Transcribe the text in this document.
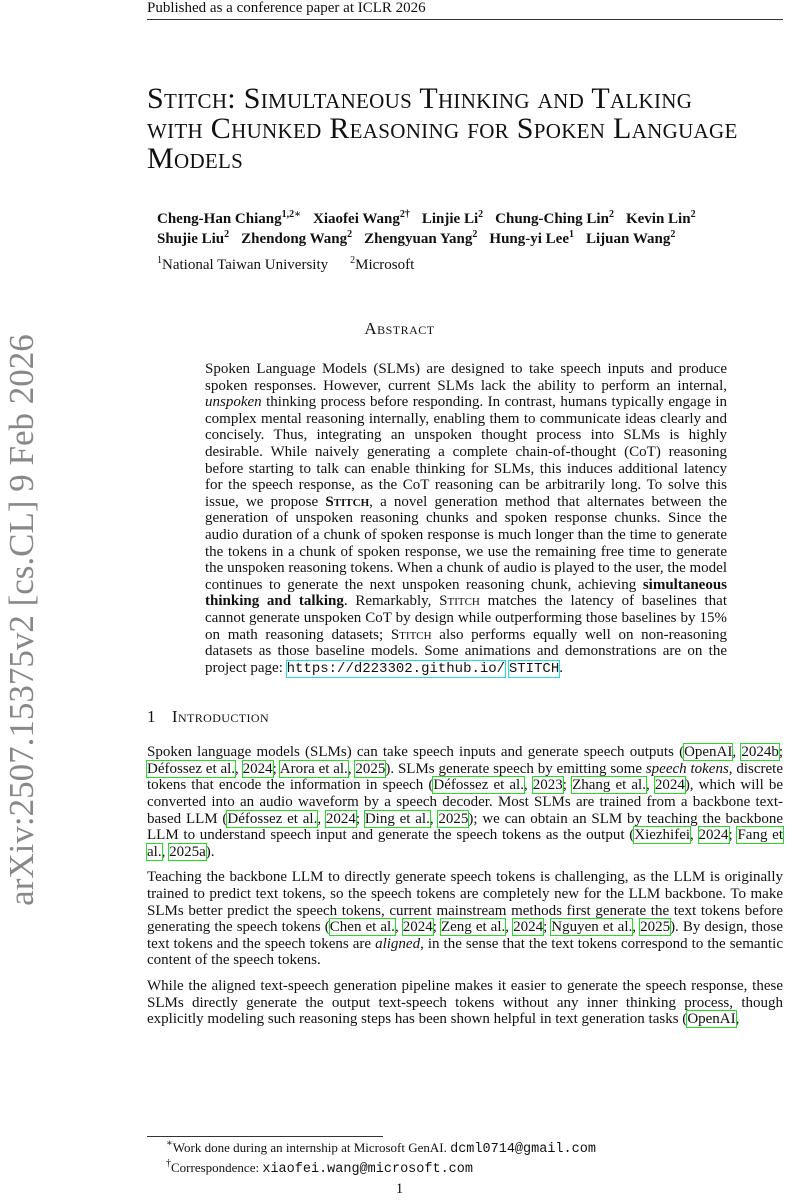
Published as a conference paper at ICLR 2026
arXiv:2507.15375v2 [cs.CL] 9 Feb 2026
Stitch: Simultaneous Thinking and Talking
with Chunked Reasoning for Spoken Language
Models
Cheng-Han Chiang$^{1,2∗}$ Xiaofei Wang$^{2\dagger}$ Linjie Li$^2$ Chung-Ching Lin$^2$ Kevin Lin$^2$
Shujie Liu$^2$ Zhendong Wang$^2$ Zhengyuan Yang$^2$ Hung-yi Lee$^1$ Lijuan Wang$^2$
$^1$National Taiwan University $^2$Microsoft
Abstract
Spoken Language Models (SLMs) are designed to take speech inputs and produce spoken responses. However, current SLMs lack the ability to perform an internal, unspoken thinking process before responding. In contrast, humans typically engage in complex mental reasoning internally, enabling them to communicate ideas clearly and concisely. Thus, integrating an unspoken thought process into SLMs is highly desirable. While naively generating a complete chain-of-thought (CoT) reasoning before starting to talk can enable thinking for SLMs, this induces additional latency for the speech response, as the CoT reasoning can be arbitrarily long. To solve this issue, we propose Stitch, a novel generation method that alternates between the generation of unspoken reasoning chunks and spoken response chunks. Since the audio duration of a chunk of spoken response is much longer than the time to generate the tokens in a chunk of spoken response, we use the remaining free time to generate the unspoken reasoning tokens. When a chunk of audio is played to the user, the model continues to generate the next unspoken reasoning chunk, achieving simultaneous thinking and talking. Remarkably, Stitch matches the latency of baselines that cannot generate unspoken CoT by design while outperforming those baselines by 15% on math reasoning datasets; Stitch also performs equally well on non-reasoning datasets as those baseline models. Some animations and demonstrations are on the project page: https://d223302.github.io/ STITCH.
1 Introduction

Spoken language models (SLMs) can take speech inputs and generate speech outputs (OpenAI, 2024b; Défossez et al., 2024; Arora et al., 2025). SLMs generate speech by emitting some speech tokens, discrete tokens that encode the information in speech (Défossez et al., 2023; Zhang et al., 2024), which will be converted into an audio waveform by a speech decoder. Most SLMs are trained from a backbone text-based LLM (Défossez et al., 2024; Ding et al., 2025); we can obtain an SLM by teaching the backbone LLM to understand speech input and generate the speech tokens as the output (Xiezhifei, 2024; Fang et al., 2025a).

Teaching the backbone LLM to directly generate speech tokens is challenging, as the LLM is originally trained to predict text tokens, so the speech tokens are completely new for the LLM backbone. To make SLMs better predict the speech tokens, current mainstream methods first generate the text tokens before generating the speech tokens (Chen et al., 2024; Zeng et al., 2024; Nguyen et al., 2025). By design, those text tokens and the speech tokens are aligned, in the sense that the text tokens correspond to the semantic content of the speech tokens.

While the aligned text-speech generation pipeline makes it easier to generate the speech response, these SLMs directly generate the output text-speech tokens without any inner thinking process, though explicitly modeling such reasoning steps has been shown helpful in text generation tasks (OpenAI,

∗Work done during an internship at Microsoft GenAI. dcml0714@gmail.com
†Correspondence: xiaofei.wang@microsoft.com
1
